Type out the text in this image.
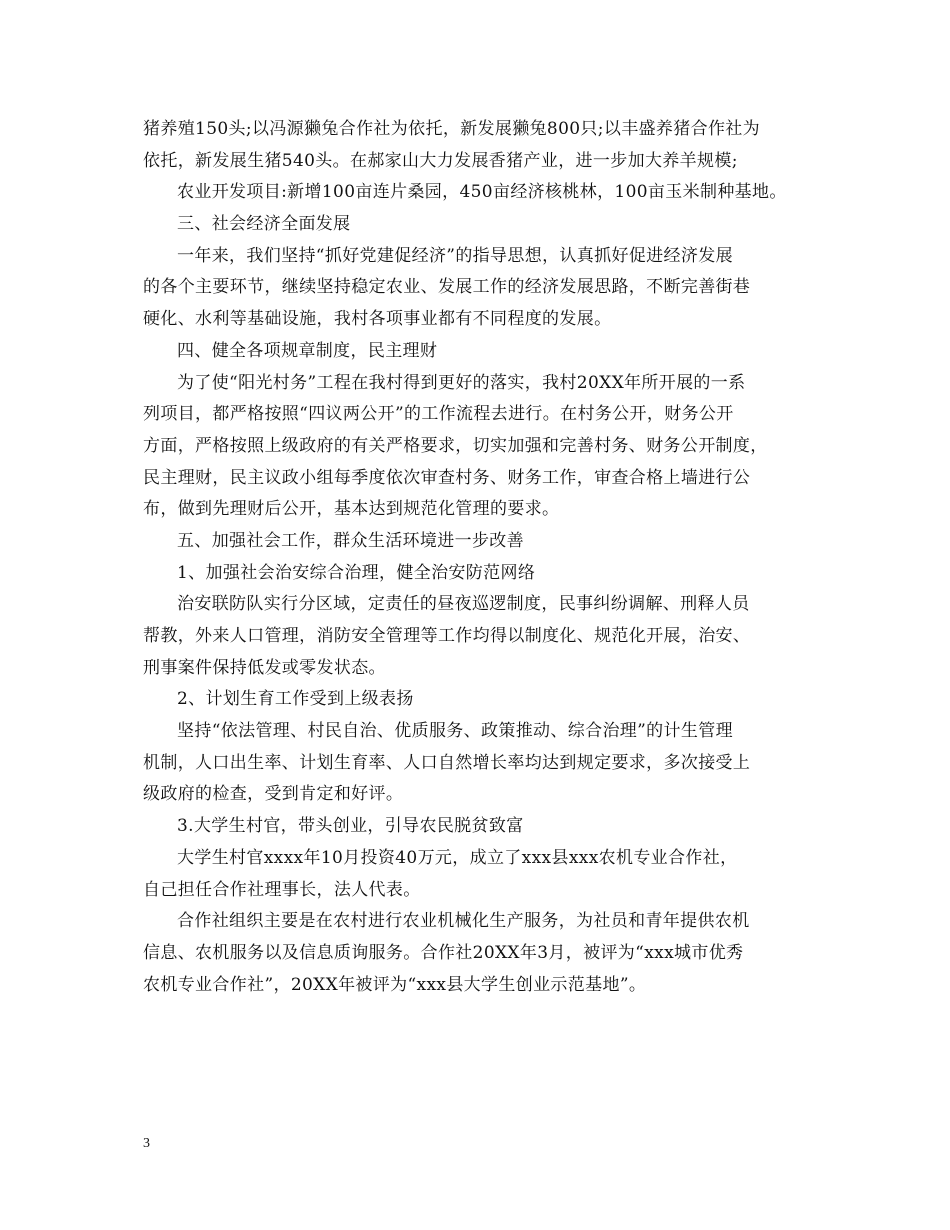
猪养殖150头;以冯源獭兔合作社为依托，新发展獭兔800只;以丰盛养猪合作社为
依托，新发展生猪540头。在郝家山大力发展香猪产业，进一步加大养羊规模;
农业开发项目:新增100亩连片桑园，450亩经济核桃林，100亩玉米制种基地。
三、社会经济全面发展
一年来，我们坚持“抓好党建促经济”的指导思想，认真抓好促进经济发展
的各个主要环节，继续坚持稳定农业、发展工作的经济发展思路，不断完善街巷
硬化、水利等基础设施，我村各项事业都有不同程度的发展。
四、健全各项规章制度，民主理财
为了使“阳光村务”工程在我村得到更好的落实，我村20XX年所开展的一系
列项目，都严格按照“四议两公开”的工作流程去进行。在村务公开，财务公开
方面，严格按照上级政府的有关严格要求，切实加强和完善村务、财务公开制度，
民主理财，民主议政小组每季度依次审查村务、财务工作，审查合格上墙进行公
布，做到先理财后公开，基本达到规范化管理的要求。
五、加强社会工作，群众生活环境进一步改善
1、加强社会治安综合治理，健全治安防范网络
治安联防队实行分区域，定责任的昼夜巡逻制度，民事纠纷调解、刑释人员
帮教，外来人口管理，消防安全管理等工作均得以制度化、规范化开展，治安、
刑事案件保持低发或零发状态。
2、计划生育工作受到上级表扬
坚持“依法管理、村民自治、优质服务、政策推动、综合治理”的计生管理
机制，人口出生率、计划生育率、人口自然增长率均达到规定要求，多次接受上
级政府的检查，受到肯定和好评。
3.大学生村官，带头创业，引导农民脱贫致富
大学生村官xxxx年10月投资40万元，成立了xxx县xxx农机专业合作社，
自己担任合作社理事长，法人代表。
合作社组织主要是在农村进行农业机械化生产服务，为社员和青年提供农机
信息、农机服务以及信息质询服务。合作社20XX年3月，被评为“xxx城市优秀
农机专业合作社”，20XX年被评为“xxx县大学生创业示范基地”。
3
